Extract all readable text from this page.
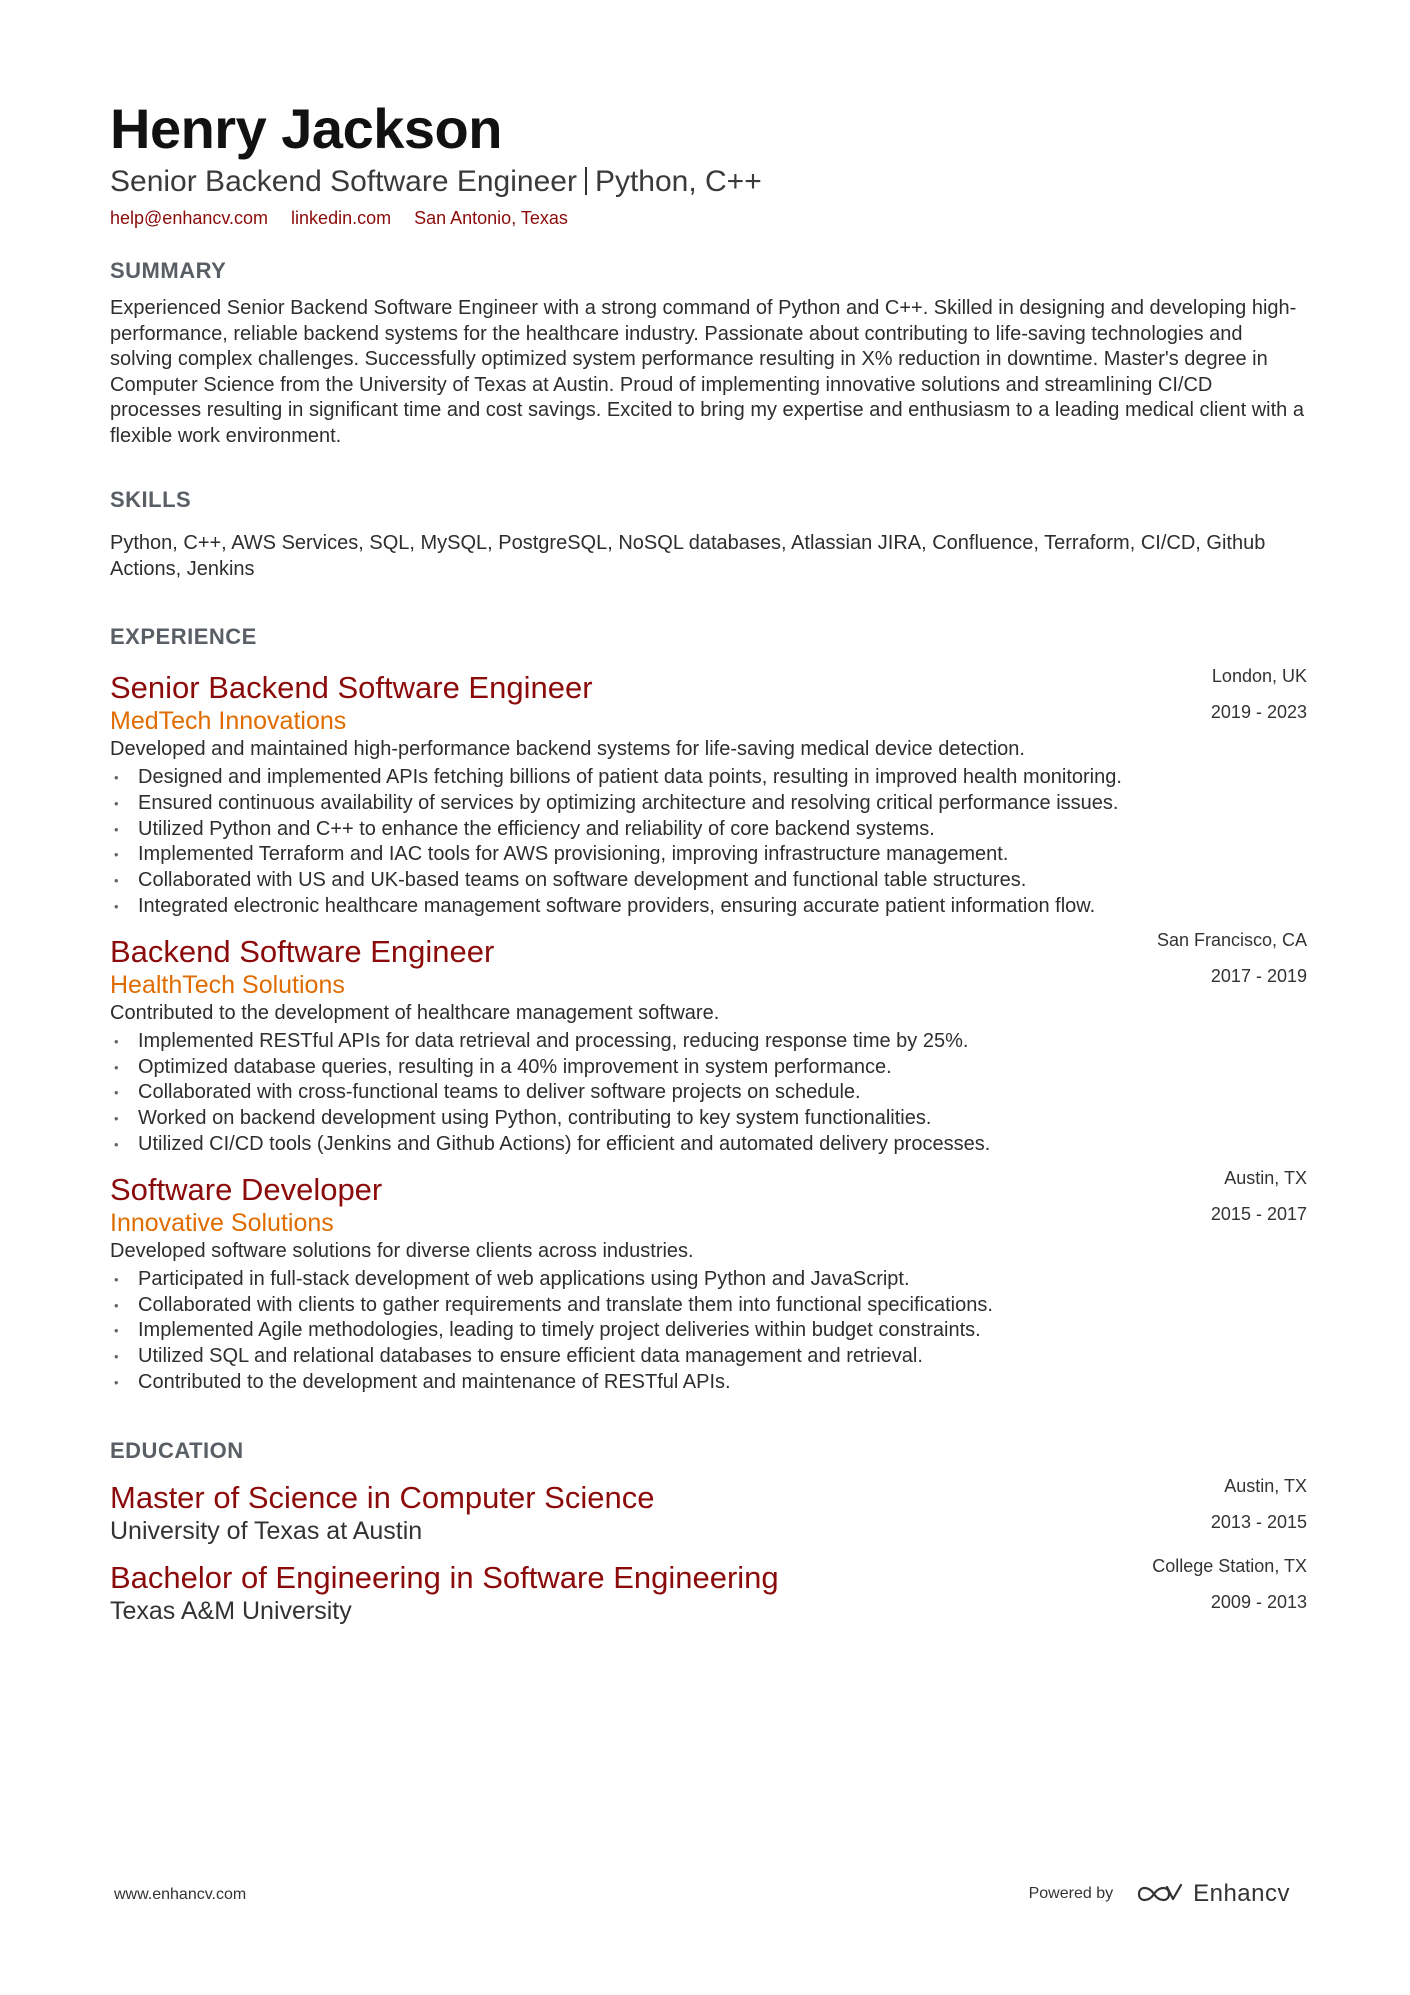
Henry Jackson
Senior Backend Software Engineer Python, C++
help@enhancv.com linkedin.com San Antonio, Texas
SUMMARY
Experienced Senior Backend Software Engineer with a strong command of Python and C++. Skilled in designing and developing high-performance, reliable backend systems for the healthcare industry. Passionate about contributing to life-saving technologies and solving complex challenges. Successfully optimized system performance resulting in X% reduction in downtime. Master's degree in Computer Science from the University of Texas at Austin. Proud of implementing innovative solutions and streamlining CI/CD processes resulting in significant time and cost savings. Excited to bring my expertise and enthusiasm to a leading medical client with a flexible work environment.
SKILLS
Python, C++, AWS Services, SQL, MySQL, PostgreSQL, NoSQL databases, Atlassian JIRA, Confluence, Terraform, CI/CD, Github Actions, Jenkins
EXPERIENCE
London, UK
2019 - 2023
Senior Backend Software Engineer
MedTech Innovations
Developed and maintained high-performance backend systems for life-saving medical device detection.
• Designed and implemented APIs fetching billions of patient data points, resulting in improved health monitoring.
• Ensured continuous availability of services by optimizing architecture and resolving critical performance issues.
• Utilized Python and C++ to enhance the efficiency and reliability of core backend systems.
• Implemented Terraform and IAC tools for AWS provisioning, improving infrastructure management.
• Collaborated with US and UK-based teams on software development and functional table structures.
• Integrated electronic healthcare management software providers, ensuring accurate patient information flow.
San Francisco, CA
2017 - 2019
Backend Software Engineer
HealthTech Solutions
Contributed to the development of healthcare management software.
• Implemented RESTful APIs for data retrieval and processing, reducing response time by 25%.
• Optimized database queries, resulting in a 40% improvement in system performance.
• Collaborated with cross-functional teams to deliver software projects on schedule.
• Worked on backend development using Python, contributing to key system functionalities.
• Utilized CI/CD tools (Jenkins and Github Actions) for efficient and automated delivery processes.
Austin, TX
2015 - 2017
Software Developer
Innovative Solutions
Developed software solutions for diverse clients across industries.
• Participated in full-stack development of web applications using Python and JavaScript.
• Collaborated with clients to gather requirements and translate them into functional specifications.
• Implemented Agile methodologies, leading to timely project deliveries within budget constraints.
• Utilized SQL and relational databases to ensure efficient data management and retrieval.
• Contributed to the development and maintenance of RESTful APIs.
EDUCATION
Austin, TX
2013 - 2015
Master of Science in Computer Science
University of Texas at Austin
College Station, TX
2009 - 2013
Bachelor of Engineering in Software Engineering
Texas A&M University
www.enhancv.com	Powered by	Enhancv
